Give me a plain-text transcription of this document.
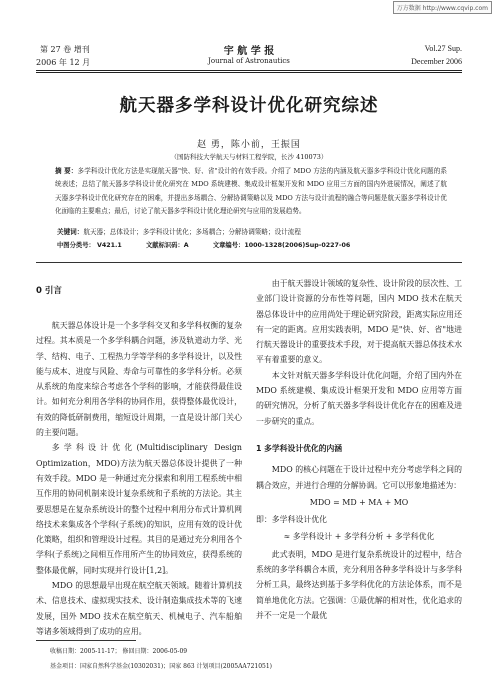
万方数据 http://www.cqvip.com
第 27 卷 增刊
2006 年 12 月
宇 航 学 报
Journal of Astronautics
Vol.27 Sup.
December 2006
航天器多学科设计优化研究综述
赵 勇，陈小前，王振国
（国防科技大学航天与材料工程学院，长沙 410073）
摘 要：多学科设计优化方法是实现航天器"快、好、省"设计的有效手段。介绍了 MDO 方法的内涵及航天器多学科设计优化问题的系统表述；总结了航天器多学科设计优化研究在 MDO 系统建模、集成设计框架开发和 MDO 应用三方面的国内外进展情况，阐述了航天器多学科设计优化研究存在的困难，并提出多场耦合、分解协调策略以及 MDO 方法与设计流程的融合等问题是航天器多学科设计优化面临的主要难点；最后，讨论了航天器多学科设计优化理论研究与应用的发展趋势。
关键词：航天器；总体设计；多学科设计优化；多场耦合；分解协调策略；设计流程
中图分类号： V421.1	文献标识码：A	文章编号：1000-1328(2006)Sup-0227-06
0 引言

航天器总体设计是一个多学科交叉和多学科权衡的复杂过程。其本质是一个多学科耦合问题，涉及轨道动力学、光学、结构、电子、工程热力学等学科的多学科设计，以及性能与成本、进度与风险、寿命与可靠性的多学科分析。必须从系统的角度来综合考虑各个学科的影响，才能获得最佳设计。如何充分利用各学科的协同作用，获得整体最优设计，有效的降低研制费用，缩短设计周期，一直是设计部门关心的主要问题。

多学科设计优化(Multidisciplinary Design Optimization，MDO)方法为航天器总体设计提供了一种有效手段。MDO 是一种通过充分探索和利用工程系统中相互作用的协同机制来设计复杂系统和子系统的方法论。其主要思想是在复杂系统设计的整个过程中利用分布式计算机网络技术来集成各个学科(子系统)的知识，应用有效的设计优化策略，组织和管理设计过程。其目的是通过充分利用各个学科(子系统)之间相互作用所产生的协同效应，获得系统的整体最优解，同时实现并行设计[1,2]。

MDO 的思想最早出现在航空航天领域。随着计算机技术、信息技术、虚拟现实技术、设计制造集成技术等的飞速发展，国外 MDO 技术在航空航天、机械电子、汽车船舶等诸多领域得到了成功的应用。

由于航天器设计领域的复杂性、设计阶段的层次性、工业部门设计资源的分布性等问题，国内 MDO 技术在航天器总体设计中的应用尚处于理论研究阶段，距离实际应用还有一定的距离。应用实践表明，MDO 是"快、好、省"地进行航天器设计的重要技术手段，对于提高航天器总体技术水平有着重要的意义。

本文针对航天器多学科设计优化问题，介绍了国内外在 MDO 系统建模、集成设计框架开发和 MDO 应用等方面的研究情况，分析了航天器多学科设计优化存在的困难及进一步研究的重点。

1 多学科设计优化的内涵

MDO 的核心问题在于设计过程中充分考虑学科之间的耦合效应，并进行合理的分解协调。它可以形象地描述为：

MDO = MD + MA + MO
即：多学科设计优化
≈ 多学科设计 + 多学科分析 + 多学科优化

此式表明，MDO 是进行复杂系统设计的过程中，结合系统的多学科耦合本质，充分利用各种多学科设计与多学科分析工具，最终达到基于多学科优化的方法论体系，而不是简单地优化方法。它强调：①最优解的相对性，优化追求的并不一定是一个最优

收稿日期：2005-11-17； 修回日期：2006-05-09
基金项目：国家自然科学基金(10302031)；国家 863 计划项目(2005AA721051)
